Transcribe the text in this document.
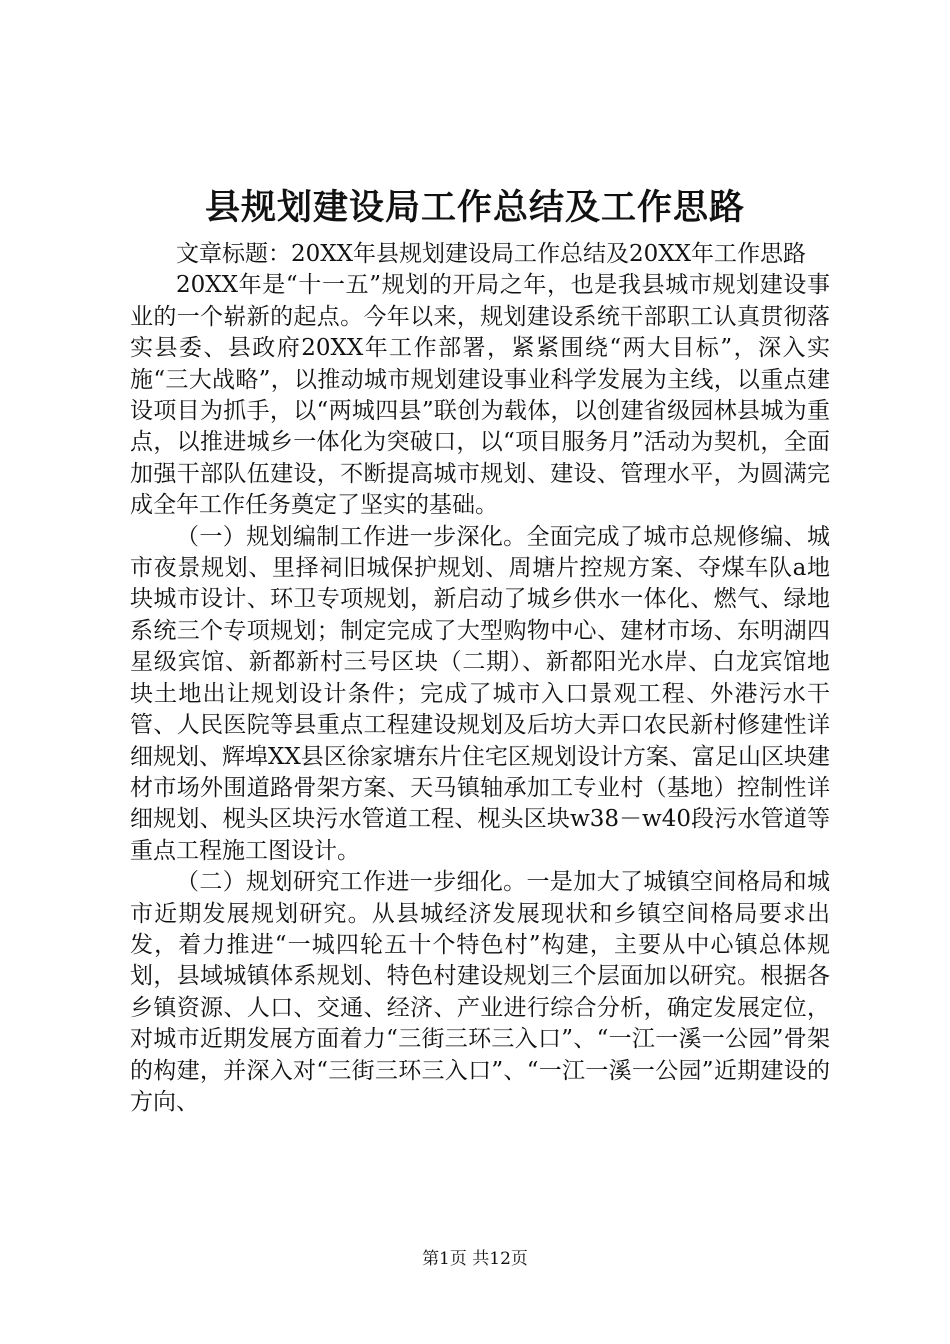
县规划建设局工作总结及工作思路

文章标题：20XX年县规划建设局工作总结及20XX年工作思路

20XX年是“十一五”规划的开局之年，也是我县城市规划建设事业的一个崭新的起点。今年以来，规划建设系统干部职工认真贯彻落实县委、县政府20XX年工作部署，紧紧围绕“两大目标”，深入实施“三大战略”，以推动城市规划建设事业科学发展为主线，以重点建设项目为抓手，以“两城四县”联创为载体，以创建省级园林县城为重点，以推进城乡一体化为突破口，以“项目服务月”活动为契机，全面加强干部队伍建设，不断提高城市规划、建设、管理水平，为圆满完成全年工作任务奠定了坚实的基础。

（一）规划编制工作进一步深化。全面完成了城市总规修编、城市夜景规划、里择祠旧城保护规划、周塘片控规方案、夺煤车队a地块城市设计、环卫专项规划，新启动了城乡供水一体化、燃气、绿地系统三个专项规划；制定完成了大型购物中心、建材市场、东明湖四星级宾馆、新都新村三号区块（二期）、新都阳光水岸、白龙宾馆地块土地出让规划设计条件；完成了城市入口景观工程、外港污水干管、人民医院等县重点工程建设规划及后坊大弄口农民新村修建性详细规划、辉埠XX县区徐家塘东片住宅区规划设计方案、富足山区块建材市场外围道路骨架方案、天马镇轴承加工专业村（基地）控制性详细规划、枧头区块污水管道工程、枧头区块w38－w40段污水管道等重点工程施工图设计。

（二）规划研究工作进一步细化。一是加大了城镇空间格局和城市近期发展规划研究。从县城经济发展现状和乡镇空间格局要求出发，着力推进“一城四轮五十个特色村”构建，主要从中心镇总体规划，县域城镇体系规划、特色村建设规划三个层面加以研究。根据各乡镇资源、人口、交通、经济、产业进行综合分析，确定发展定位，对城市近期发展方面着力“三街三环三入口”、“一江一溪一公园”骨架的构建，并深入对“三街三环三入口”、“一江一溪一公园”近期建设的方向、

第1页 共12页
